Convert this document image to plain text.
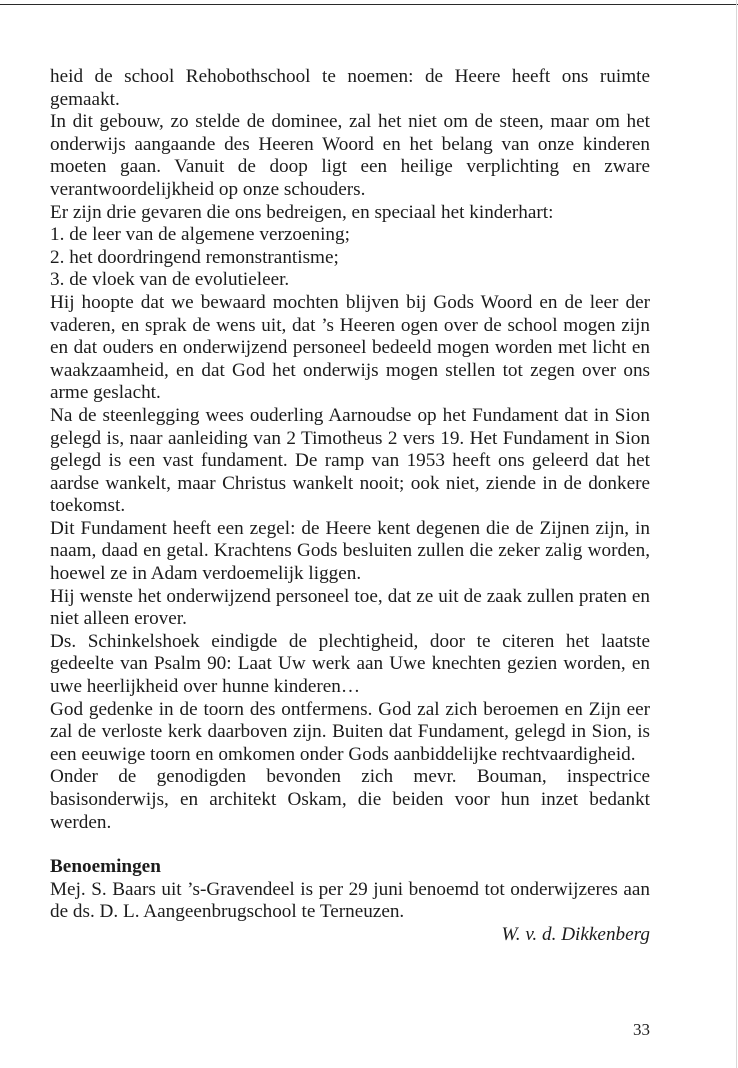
heid de school Rehobothschool te noemen: de Heere heeft ons ruimte gemaakt.

In dit gebouw, zo stelde de dominee, zal het niet om de steen, maar om het onderwijs aangaande des Heeren Woord en het belang van onze kinderen moeten gaan. Vanuit de doop ligt een heilige verplichting en zware verantwoordelijkheid op onze schouders.

Er zijn drie gevaren die ons bedreigen, en speciaal het kinderhart:

1. de leer van de algemene verzoening;

2. het doordringend remonstrantisme;

3. de vloek van de evolutieleer.

Hij hoopte dat we bewaard mochten blijven bij Gods Woord en de leer der vaderen, en sprak de wens uit, dat ’s Heeren ogen over de school mogen zijn en dat ouders en onderwijzend personeel bedeeld mogen worden met licht en waakzaamheid, en dat God het onderwijs mogen stellen tot zegen over ons arme geslacht.

Na de steenlegging wees ouderling Aarnoudse op het Fundament dat in Sion gelegd is, naar aanleiding van 2 Timotheus 2 vers 19. Het Fundament in Sion gelegd is een vast fundament. De ramp van 1953 heeft ons geleerd dat het aardse wankelt, maar Christus wankelt nooit; ook niet, ziende in de donkere toekomst.

Dit Fundament heeft een zegel: de Heere kent degenen die de Zijnen zijn, in naam, daad en getal. Krachtens Gods besluiten zullen die zeker zalig worden, hoewel ze in Adam verdoemelijk liggen.

Hij wenste het onderwijzend personeel toe, dat ze uit de zaak zullen praten en niet alleen erover.

Ds. Schinkelshoek eindigde de plechtigheid, door te citeren het laatste gedeelte van Psalm 90: Laat Uw werk aan Uwe knechten gezien worden, en uwe heerlijkheid over hunne kinderen…

God gedenke in de toorn des ontfermens. God zal zich beroemen en Zijn eer zal de verloste kerk daarboven zijn. Buiten dat Fundament, gelegd in Sion, is een eeuwige toorn en omkomen onder Gods aanbiddelijke rechtvaardigheid.

Onder de genodigden bevonden zich mevr. Bouman, inspectrice basisonderwijs, en architekt Oskam, die beiden voor hun inzet bedankt werden.

Benoemingen

Mej. S. Baars uit ’s-Gravendeel is per 29 juni benoemd tot onderwijzeres aan de ds. D. L. Aangeenbrugschool te Terneuzen.

W. v. d. Dikkenberg

33
